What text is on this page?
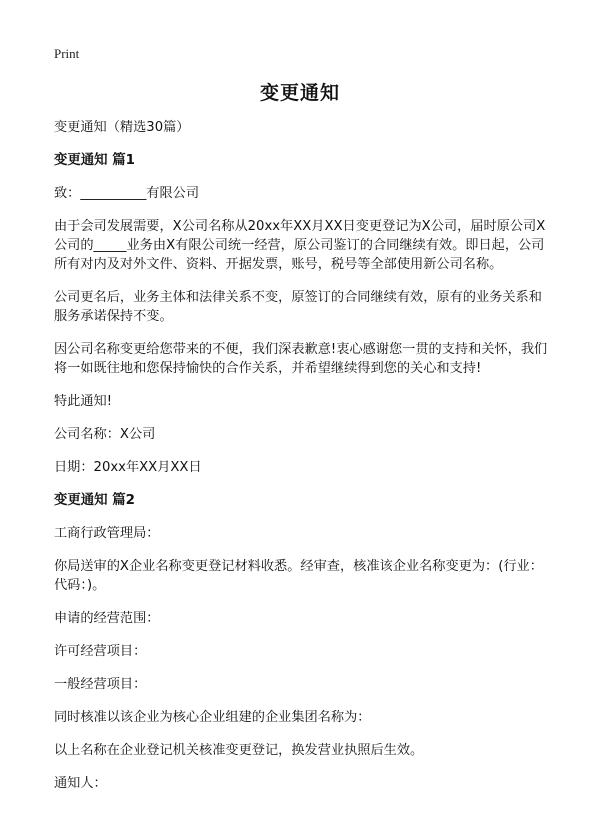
Print
变更通知

变更通知（精选30篇）

变更通知 篇1

致：__________有限公司

由于会司发展需要，X公司名称从20xx年XX月XX日变更登记为X公司，届时原公司X公司的_____业务由X有限公司统一经营，原公司鉴订的合同继续有效。即日起，公司所有对内及对外文件、资料、开据发票，账号，税号等全部使用新公司名称。

公司更名后，业务主体和法律关系不变，原签订的合同继续有效，原有的业务关系和服务承诺保持不变。

因公司名称变更给您带来的不便，我们深表歉意!衷心感谢您一贯的支持和关怀，我们将一如既往地和您保持愉快的合作关系，并希望继续得到您的关心和支持!

特此通知!

公司名称：X公司

日期：20xx年XX月XX日

变更通知 篇2

工商行政管理局：

你局送审的X企业名称变更登记材料收悉。经审查，核准该企业名称变更为：(行业：代码：)。

申请的经营范围：

许可经营项目：

一般经营项目：

同时核准以该企业为核心企业组建的企业集团名称为：

以上名称在企业登记机关核准变更登记，换发营业执照后生效。

通知人：
